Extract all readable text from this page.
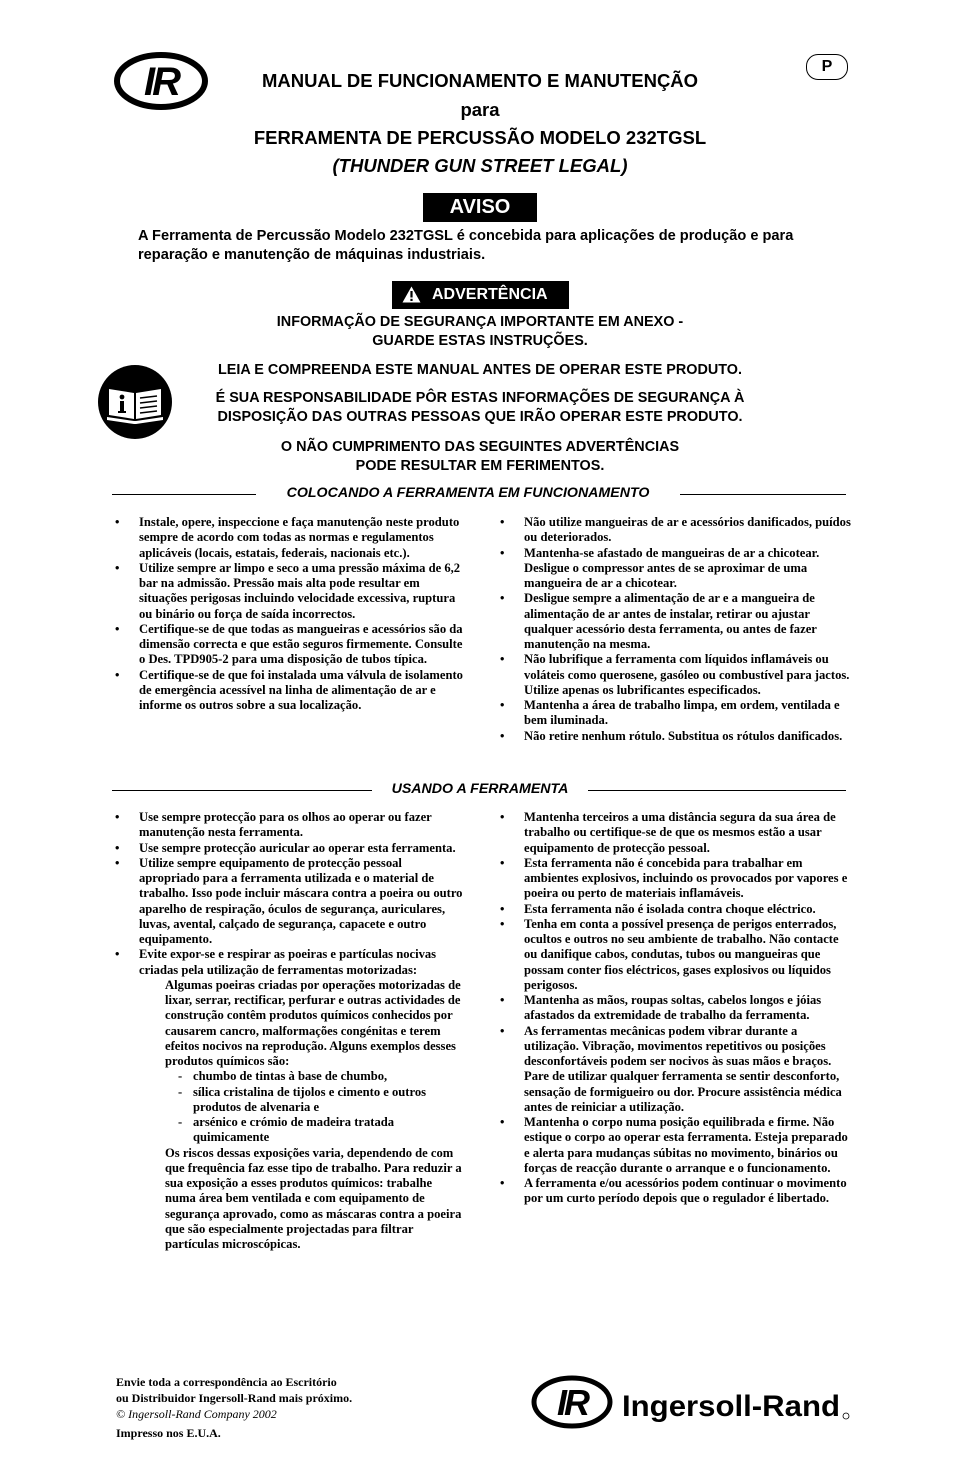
IR	P
MANUAL DE FUNCIONAMENTO E MANUTENÇÃO
para
FERRAMENTA DE PERCUSSÃO MODELO 232TGSL
(THUNDER GUN STREET LEGAL)
AVISO
A Ferramenta de Percussão Modelo 232TGSL é concebida para aplicações de produção e para reparação e manutenção de máquinas industriais.
ADVERTÊNCIA
INFORMAÇÃO DE SEGURANÇA IMPORTANTE EM ANEXO -
GUARDE ESTAS INSTRUÇÕES.
LEIA E COMPREENDA ESTE MANUAL ANTES DE OPERAR ESTE PRODUTO.
É SUA RESPONSABILIDADE PÔR ESTAS INFORMAÇÕES DE SEGURANÇA À
DISPOSIÇÃO DAS OUTRAS PESSOAS QUE IRÃO OPERAR ESTE PRODUTO.
O NÃO CUMPRIMENTO DAS SEGUINTES ADVERTÊNCIAS
PODE RESULTAR EM FERIMENTOS.
COLOCANDO A FERRAMENTA EM FUNCIONAMENTO
• Instale, opere, inspeccione e faça manutenção neste produto sempre de acordo com todas as normas e regulamentos aplicáveis (locais, estatais, federais, nacionais etc.).
• Utilize sempre ar limpo e seco a uma pressão máxima de 6,2 bar na admissão. Pressão mais alta pode resultar em situações perigosas incluindo velocidade excessiva, ruptura ou binário ou força de saída incorrectos.
• Certifique-se de que todas as mangueiras e acessórios são da dimensão correcta e que estão seguros firmemente. Consulte o Des. TPD905-2 para uma disposição de tubos típica.
• Certifique-se de que foi instalada uma válvula de isolamento de emergência acessível na linha de alimentação de ar e informe os outros sobre a sua localização.
• Não utilize mangueiras de ar e acessórios danificados, puídos ou deteriorados.
• Mantenha-se afastado de mangueiras de ar a chicotear. Desligue o compressor antes de se aproximar de uma mangueira de ar a chicotear.
• Desligue sempre a alimentação de ar e a mangueira de alimentação de ar antes de instalar, retirar ou ajustar qualquer acessório desta ferramenta, ou antes de fazer manutenção na mesma.
• Não lubrifique a ferramenta com líquidos inflamáveis ou voláteis como querosene, gasóleo ou combustível para jactos. Utilize apenas os lubrificantes especificados.
• Mantenha a área de trabalho limpa, em ordem, ventilada e bem iluminada.
• Não retire nenhum rótulo. Substitua os rótulos danificados.
USANDO A FERRAMENTA
• Use sempre protecção para os olhos ao operar ou fazer manutenção nesta ferramenta.
• Use sempre protecção auricular ao operar esta ferramenta.
• Utilize sempre equipamento de protecção pessoal apropriado para a ferramenta utilizada e o material de trabalho. Isso pode incluir máscara contra a poeira ou outro aparelho de respiração, óculos de segurança, auriculares, luvas, avental, calçado de segurança, capacete e outro equipamento.
• Evite expor-se e respirar as poeiras e partículas nocivas criadas pela utilização de ferramentas motorizadas:
Algumas poeiras criadas por operações motorizadas de lixar, serrar, rectificar, perfurar e outras actividades de construção contêm produtos químicos conhecidos por causarem cancro, malformações congénitas e terem efeitos nocivos na reprodução. Alguns exemplos desses produtos químicos são:
- chumbo de tintas à base de chumbo,
- sílica cristalina de tijolos e cimento e outros produtos de alvenaria e
- arsénico e crómio de madeira tratada quimicamente
Os riscos dessas exposições varia, dependendo de com que frequência faz esse tipo de trabalho. Para reduzir a sua exposição a esses produtos químicos: trabalhe numa área bem ventilada e com equipamento de segurança aprovado, como as máscaras contra a poeira que são especialmente projectadas para filtrar partículas microscópicas.
• Mantenha terceiros a uma distância segura da sua área de trabalho ou certifique-se de que os mesmos estão a usar equipamento de protecção pessoal.
• Esta ferramenta não é concebida para trabalhar em ambientes explosivos, incluindo os provocados por vapores e poeira ou perto de materiais inflamáveis.
• Esta ferramenta não é isolada contra choque eléctrico.
• Tenha em conta a possível presença de perigos enterrados, ocultos e outros no seu ambiente de trabalho. Não contacte ou danifique cabos, condutas, tubos ou mangueiras que possam conter fios eléctricos, gases explosivos ou líquidos perigosos.
• Mantenha as mãos, roupas soltas, cabelos longos e jóias afastados da extremidade de trabalho da ferramenta.
• As ferramentas mecânicas podem vibrar durante a utilização. Vibração, movimentos repetitivos ou posições desconfortáveis podem ser nocivos às suas mãos e braços. Pare de utilizar qualquer ferramenta se sentir desconforto, sensação de formigueiro ou dor. Procure assistência médica antes de reiniciar a utilização.
• Mantenha o corpo numa posição equilibrada e firme. Não estique o corpo ao operar esta ferramenta. Esteja preparado e alerta para mudanças súbitas no movimento, binários ou forças de reacção durante o arranque e o funcionamento.
• A ferramenta e/ou acessórios podem continuar o movimento por um curto período depois que o regulador é libertado.
Envie toda a correspondência ao Escritório
ou Distribuidor Ingersoll-Rand mais próximo.
© Ingersoll-Rand Company 2002
Impresso nos E.U.A.
IR Ingersoll-Rand
